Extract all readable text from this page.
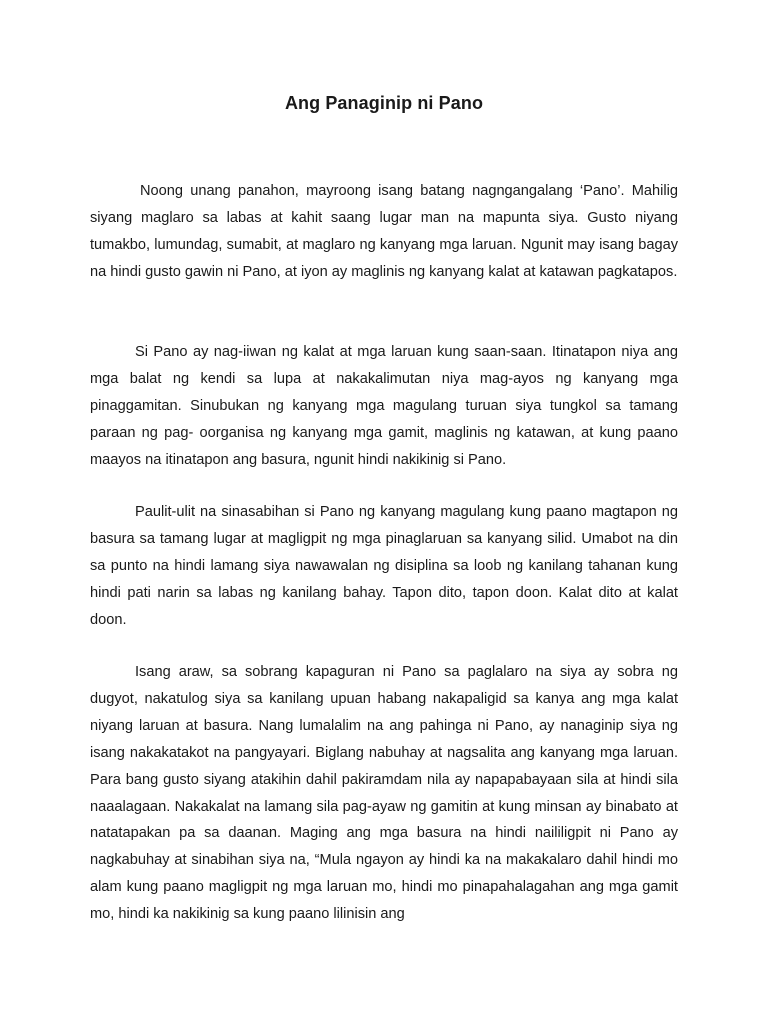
Ang Panaginip ni Pano

Noong unang panahon, mayroong isang batang nagngangalang ‘Pano’. Mahilig siyang maglaro sa labas at kahit saang lugar man na mapunta siya. Gusto niyang tumakbo, lumundag, sumabit, at maglaro ng kanyang mga laruan. Ngunit may isang bagay na hindi gusto gawin ni Pano, at iyon ay maglinis ng kanyang kalat at katawan pagkatapos.

Si Pano ay nag-iiwan ng kalat at mga laruan kung saan-saan. Itinatapon niya ang mga balat ng kendi sa lupa at nakakalimutan niya mag-ayos ng kanyang mga pinaggamitan. Sinubukan ng kanyang mga magulang turuan siya tungkol sa tamang paraan ng pag- oorganisa ng kanyang mga gamit, maglinis ng katawan, at kung paano maayos na itinatapon ang basura, ngunit hindi nakikinig si Pano.

Paulit-ulit na sinasabihan si Pano ng kanyang magulang kung paano magtapon ng basura sa tamang lugar at magligpit ng mga pinaglaruan sa kanyang silid. Umabot na din sa punto na hindi lamang siya nawawalan ng disiplina sa loob ng kanilang tahanan kung hindi pati narin sa labas ng kanilang bahay. Tapon dito, tapon doon. Kalat dito at kalat doon.

Isang araw, sa sobrang kapaguran ni Pano sa paglalaro na siya ay sobra ng dugyot, nakatulog siya sa kanilang upuan habang nakapaligid sa kanya ang mga kalat niyang laruan at basura. Nang lumalalim na ang pahinga ni Pano, ay nanaginip siya ng isang nakakatakot na pangyayari. Biglang nabuhay at nagsalita ang kanyang mga laruan. Para bang gusto siyang atakihin dahil pakiramdam nila ay napapabayaan sila at hindi sila naaalagaan. Nakakalat na lamang sila pag-ayaw ng gamitin at kung minsan ay binabato at natatapakan pa sa daanan. Maging ang mga basura na hindi naililigpit ni Pano ay nagkabuhay at sinabihan siya na, “Mula ngayon ay hindi ka na makakalaro dahil hindi mo alam kung paano magligpit ng mga laruan mo, hindi mo pinapahalagahan ang mga gamit mo, hindi ka nakikinig sa kung paano lilinisin ang
